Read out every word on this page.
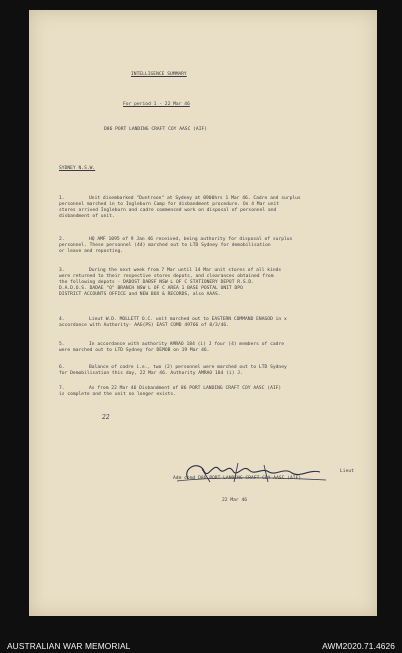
INTELLIGENCE SUMMARY
For period 1 - 22 Mar 46
D86 PORT LANDING CRAFT COY AASC (AIF)
SYDNEY N.S.W.
1.	Unit disembarked "Duntroon" at Sydney at 0900hrs 1 Mar 46. Cadre and surplus
personnel marched in to Ingleburn Camp for disbandment procedure. On 4 Mar unit
stores arrived Ingleburn and cadre commenced work on disposal of personnel and
disbandment of unit.
2.	HQ AMF 1095 of 9 Jan 46 received, being authority for disposal of surplus
personnel. These personnel (44) marched out to LTD Sydney for demobilisation
or leave and reposting.
3.	During the next week from 7 Mar until 14 Mar unit stores of all kinds
were returned to their respective stores depots, and clearances obtained from
the following depots - DADOST DABSF NSW L OF C STATIONERY DEPOT R.S.D.
D.A.D.O.S. DADAE "Q" BRANCH NSW L OF C AREA 1 BASE POSTAL UNIT DPO
DISTRICT ACCOUNTS OFFICE and NEW BOX & RECORDS, also AAAS.
4.	Lieut W.D. MOLLETT O.C. unit marched out to EASTERN COMMAND ENAGOD in x
accordance with Authority- AAG(PS) EAST COMD 49766 of 8/3/46.
5.	In accordance with authority AMRAO 184 (i) J four (4) members of cadre
were marched out to LTD Sydney for DEMOB on 19 Mar 46.
6.	Balance of cadre i.e., two (2) personnel were marched out to LTD Sydney
for Demobilisation this day, 22 Mar 46. Authority AMRAO 184 (i) J.
7.	As from 22 Mar 46 Disbandment of 86 PORT LANDING CRAFT COY AASC (AIF)
is complete and the unit no longer exists.
22
Lieut
Adm comd D86 PORT LANDING CRAFT COY AASC (AIF)
22 Mar 46
AUSTRALIAN WAR MEMORIAL	AWM2020.71.4626
